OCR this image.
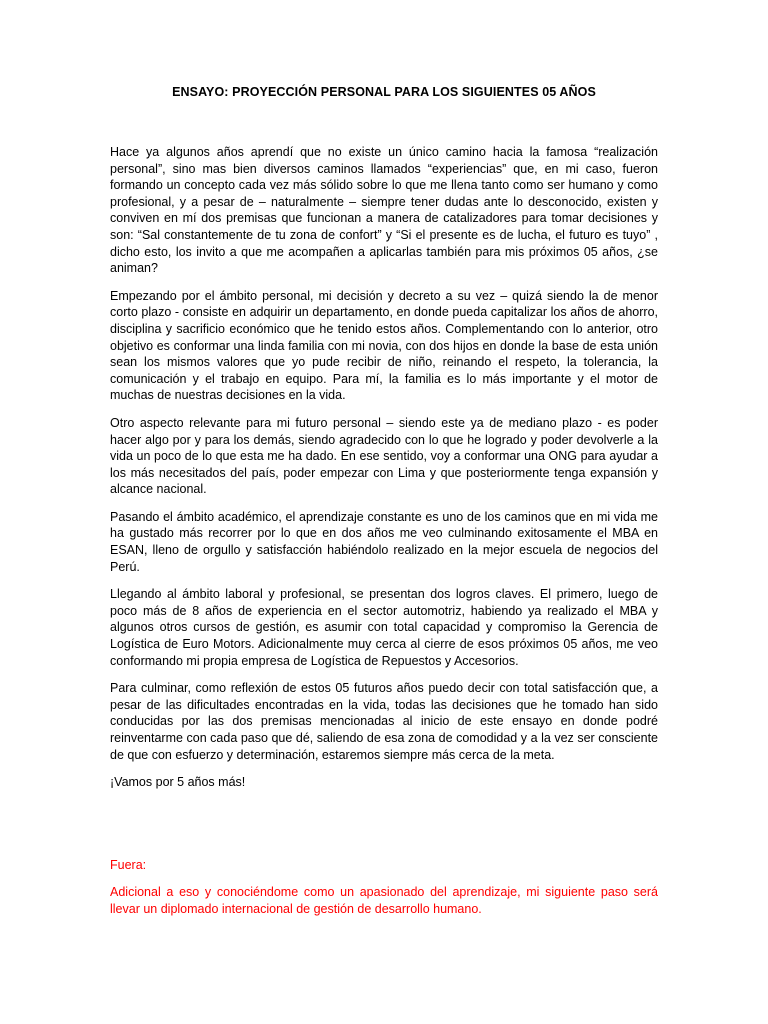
ENSAYO: PROYECCIÓN PERSONAL PARA LOS SIGUIENTES 05 AÑOS

Hace ya algunos años aprendí que no existe un único camino hacia la famosa “realización personal”, sino mas bien diversos caminos llamados “experiencias” que, en mi caso, fueron formando un concepto cada vez más sólido sobre lo que me llena tanto como ser humano y como profesional, y a pesar de – naturalmente – siempre tener dudas ante lo desconocido, existen y conviven en mí dos premisas que funcionan a manera de catalizadores para tomar decisiones y son: “Sal constantemente de tu zona de confort” y “Si el presente es de lucha, el futuro es tuyo” , dicho esto, los invito a que me acompañen a aplicarlas también para mis próximos 05 años, ¿se animan?

Empezando por el ámbito personal, mi decisión y decreto a su vez – quizá siendo la de menor corto plazo - consiste en adquirir un departamento, en donde pueda capitalizar los años de ahorro, disciplina y sacrificio económico que he tenido estos años. Complementando con lo anterior, otro objetivo es conformar una linda familia con mi novia, con dos hijos en donde la base de esta unión sean los mismos valores que yo pude recibir de niño, reinando el respeto, la tolerancia, la comunicación y el trabajo en equipo. Para mí, la familia es lo más importante y el motor de muchas de nuestras decisiones en la vida.

Otro aspecto relevante para mi futuro personal – siendo este ya de mediano plazo - es poder hacer algo por y para los demás, siendo agradecido con lo que he logrado y poder devolverle a la vida un poco de lo que esta me ha dado. En ese sentido, voy a conformar una ONG para ayudar a los más necesitados del país, poder empezar con Lima y que posteriormente tenga expansión y alcance nacional.

Pasando el ámbito académico, el aprendizaje constante es uno de los caminos que en mi vida me ha gustado más recorrer por lo que en dos años me veo culminando exitosamente el MBA en ESAN, lleno de orgullo y satisfacción habiéndolo realizado en la mejor escuela de negocios del Perú.

Llegando al ámbito laboral y profesional, se presentan dos logros claves. El primero, luego de poco más de 8 años de experiencia en el sector automotriz, habiendo ya realizado el MBA y algunos otros cursos de gestión, es asumir con total capacidad y compromiso la Gerencia de Logística de Euro Motors. Adicionalmente muy cerca al cierre de esos próximos 05 años, me veo conformando mi propia empresa de Logística de Repuestos y Accesorios.

Para culminar, como reflexión de estos 05 futuros años puedo decir con total satisfacción que, a pesar de las dificultades encontradas en la vida, todas las decisiones que he tomado han sido conducidas por las dos premisas mencionadas al inicio de este ensayo en donde podré reinventarme con cada paso que dé, saliendo de esa zona de comodidad y a la vez ser consciente de que con esfuerzo y determinación, estaremos siempre más cerca de la meta.

¡Vamos por 5 años más!

Fuera:

Adicional a eso y conociéndome como un apasionado del aprendizaje, mi siguiente paso será llevar un diplomado internacional de gestión de desarrollo humano.
